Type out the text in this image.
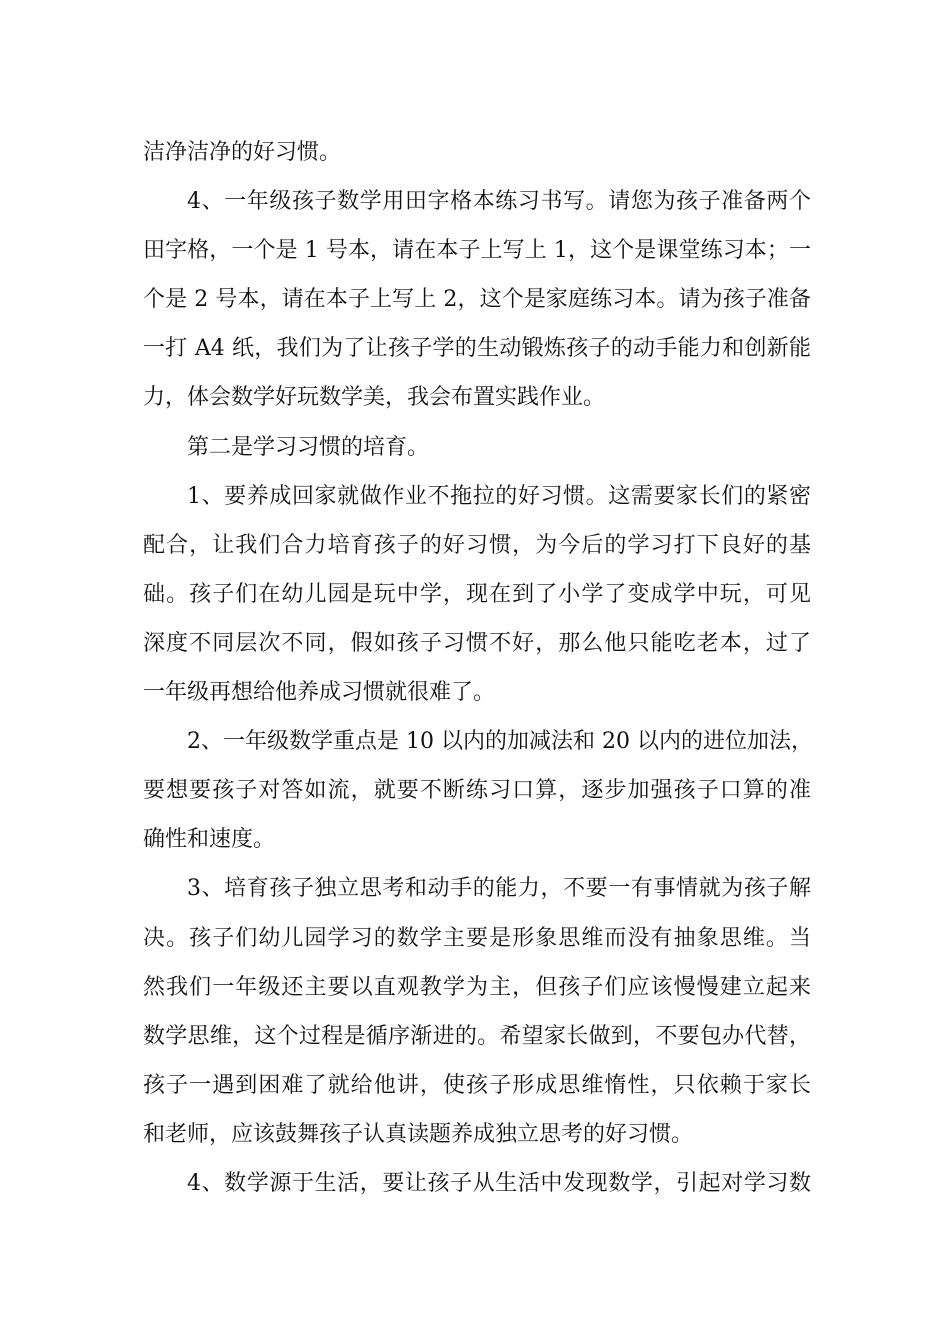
洁净洁净的好习惯。
4、一年级孩子数学用田字格本练习书写。请您为孩子准备两个
田字格，一个是 1 号本，请在本子上写上 1，这个是课堂练习本；一
个是 2 号本，请在本子上写上 2，这个是家庭练习本。请为孩子准备
一打 A4 纸，我们为了让孩子学的生动锻炼孩子的动手能力和创新能
力，体会数学好玩数学美，我会布置实践作业。
第二是学习习惯的培育。
1、要养成回家就做作业不拖拉的好习惯。这需要家长们的紧密
配合，让我们合力培育孩子的好习惯，为今后的学习打下良好的基
础。孩子们在幼儿园是玩中学，现在到了小学了变成学中玩，可见
深度不同层次不同，假如孩子习惯不好，那么他只能吃老本，过了
一年级再想给他养成习惯就很难了。
2、一年级数学重点是 10 以内的加减法和 20 以内的进位加法，
要想要孩子对答如流，就要不断练习口算，逐步加强孩子口算的准
确性和速度。
3、培育孩子独立思考和动手的能力，不要一有事情就为孩子解
决。孩子们幼儿园学习的数学主要是形象思维而没有抽象思维。当
然我们一年级还主要以直观教学为主，但孩子们应该慢慢建立起来
数学思维，这个过程是循序渐进的。希望家长做到，不要包办代替，
孩子一遇到困难了就给他讲，使孩子形成思维惰性，只依赖于家长
和老师，应该鼓舞孩子认真读题养成独立思考的好习惯。
4、数学源于生活，要让孩子从生活中发现数学，引起对学习数
